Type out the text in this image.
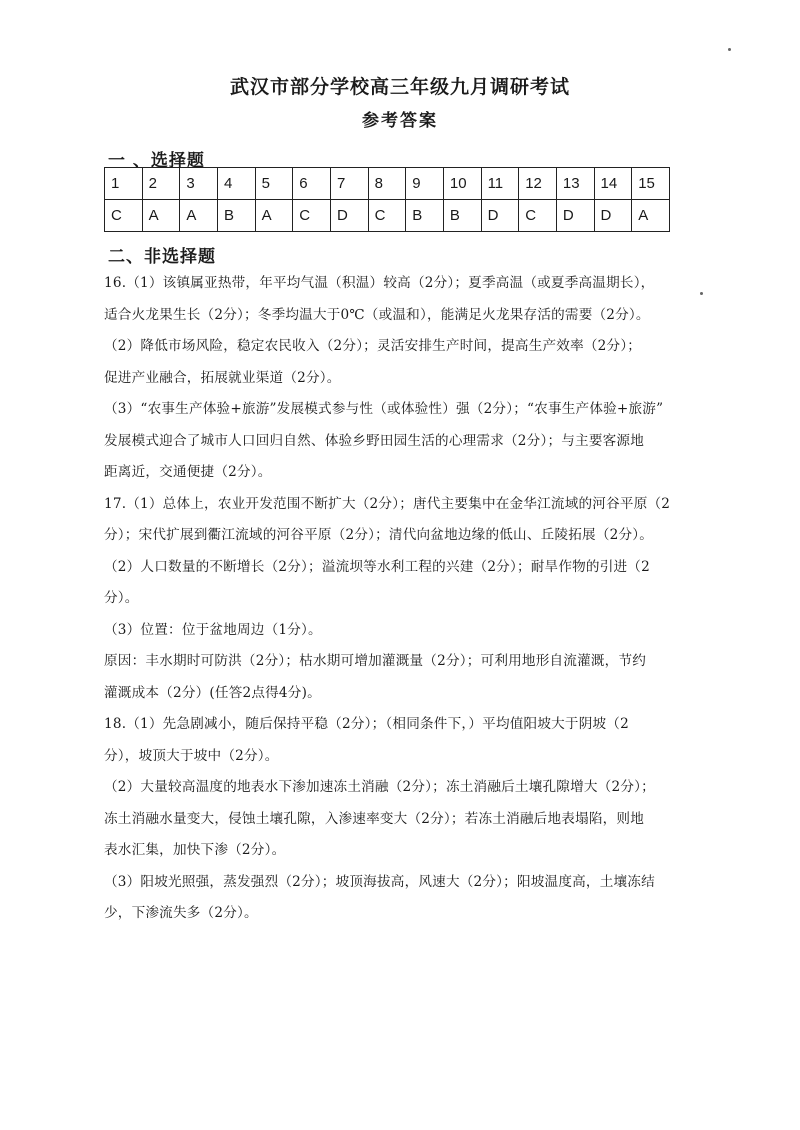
武汉市部分学校高三年级九月调研考试
参考答案
一 、选择题
1	2	3	4	5	6	7	8	9	10	11	12	13	14	15
C	A	A	B	A	C	D	C	B	B	D	C	D	D	A
二、非选择题

16.（1）该镇属亚热带，年平均气温（积温）较高（2分）；夏季高温（或夏季高温期长），

适合火龙果生长（2分）；冬季均温大于0℃（或温和），能满足火龙果存活的需要（2分）。

（2）降低市场风险，稳定农民收入（2分）；灵活安排生产时间，提高生产效率（2分）；

促进产业融合，拓展就业渠道（2分）。

（3）“农事生产体验+旅游”发展模式参与性（或体验性）强（2分）；“农事生产体验+旅游”

发展模式迎合了城市人口回归自然、体验乡野田园生活的心理需求（2分）；与主要客源地

距离近，交通便捷（2分）。

17.（1）总体上，农业开发范围不断扩大（2分）；唐代主要集中在金华江流域的河谷平原（2

分）；宋代扩展到衢江流域的河谷平原（2分）；清代向盆地边缘的低山、丘陵拓展（2分）。

（2）人口数量的不断增长（2分）；溢流坝等水利工程的兴建（2分）；耐旱作物的引进（2

分）。

（3）位置：位于盆地周边（1分）。

原因：丰水期时可防洪（2分）；枯水期可增加灌溉量（2分）；可利用地形自流灌溉，节约

灌溉成本（2分）(任答2点得4分)。

18.（1）先急剧减小，随后保持平稳（2分）；（相同条件下，）平均值阳坡大于阴坡（2

分），坡顶大于坡中（2分）。

（2）大量较高温度的地表水下渗加速冻土消融（2分）；冻土消融后土壤孔隙增大（2分）；

冻土消融水量变大，侵蚀土壤孔隙，入渗速率变大（2分）；若冻土消融后地表塌陷，则地

表水汇集，加快下渗（2分）。

（3）阳坡光照强，蒸发强烈（2分）；坡顶海拔高，风速大（2分）；阳坡温度高，土壤冻结

少，下渗流失多（2分）。
